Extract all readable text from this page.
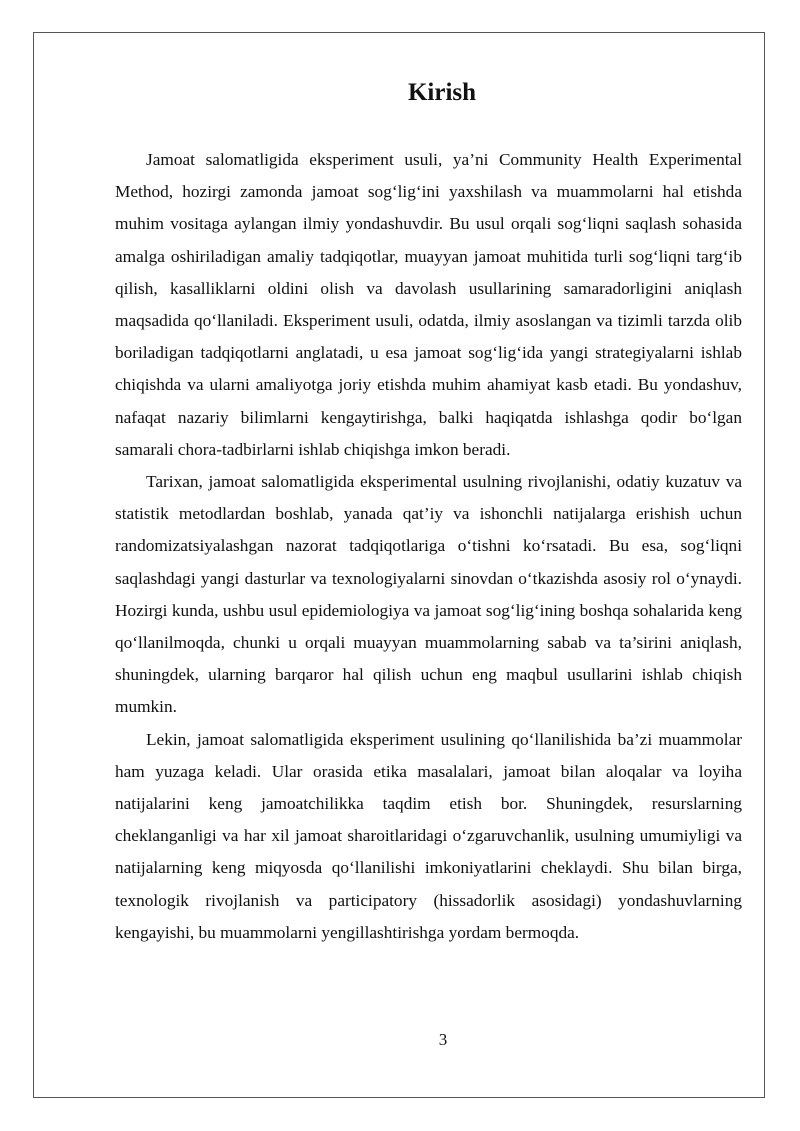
Kirish

Jamoat salomatligida eksperiment usuli, ya’ni Community Health Experimental Method, hozirgi zamonda jamoat sog‘lig‘ini yaxshilash va muammolarni hal etishda muhim vositaga aylangan ilmiy yondashuvdir. Bu usul orqali sog‘liqni saqlash sohasida amalga oshiriladigan amaliy tadqiqotlar, muayyan jamoat muhitida turli sog‘liqni targ‘ib qilish, kasalliklarni oldini olish va davolash usullarining samaradorligini aniqlash maqsadida qo‘llaniladi. Eksperiment usuli, odatda, ilmiy asoslangan va tizimli tarzda olib boriladigan tadqiqotlarni anglatadi, u esa jamoat sog‘lig‘ida yangi strategiyalarni ishlab chiqishda va ularni amaliyotga joriy etishda muhim ahamiyat kasb etadi. Bu yondashuv, nafaqat nazariy bilimlarni kengaytirishga, balki haqiqatda ishlashga qodir bo‘lgan samarali chora-tadbirlarni ishlab chiqishga imkon beradi.

Tarixan, jamoat salomatligida eksperimental usulning rivojlanishi, odatiy kuzatuv va statistik metodlardan boshlab, yanada qat’iy va ishonchli natijalarga erishish uchun randomizatsiyalashgan nazorat tadqiqotlariga o‘tishni ko‘rsatadi. Bu esa, sog‘liqni saqlashdagi yangi dasturlar va texnologiyalarni sinovdan o‘tkazishda asosiy rol o‘ynaydi. Hozirgi kunda, ushbu usul epidemiologiya va jamoat sog‘lig‘ining boshqa sohalarida keng qo‘llanilmoqda, chunki u orqali muayyan muammolarning sabab va ta’sirini aniqlash, shuningdek, ularning barqaror hal qilish uchun eng maqbul usullarini ishlab chiqish mumkin.

Lekin, jamoat salomatligida eksperiment usulining qo‘llanilishida ba’zi muammolar ham yuzaga keladi. Ular orasida etika masalalari, jamoat bilan aloqalar va loyiha natijalarini keng jamoatchilikka taqdim etish bor. Shuningdek, resurslarning cheklanganligi va har xil jamoat sharoitlaridagi o‘zgaruvchanlik, usulning umumiyligi va natijalarning keng miqyosda qo‘llanilishi imkoniyatlarini cheklaydi. Shu bilan birga, texnologik rivojlanish va participatory (hissadorlik asosidagi) yondashuvlarning kengayishi, bu muammolarni yengillashtirishga yordam bermoqda.

3
